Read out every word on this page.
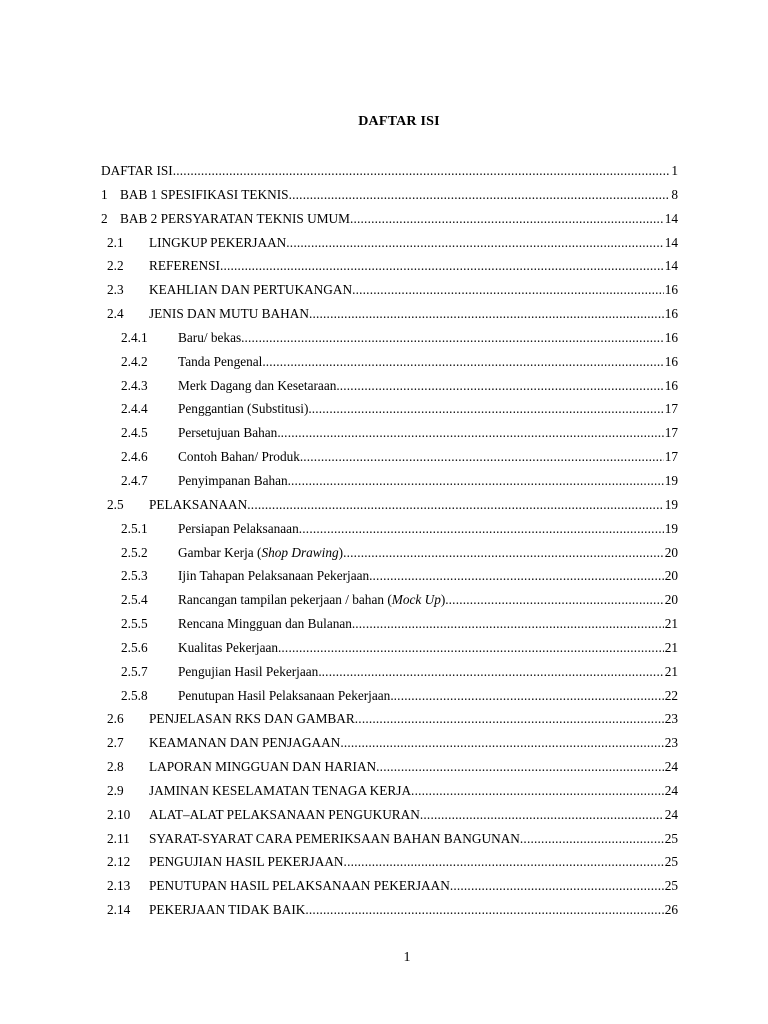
DAFTAR ISI
DAFTAR ISI .....	1
1 BAB 1 SPESIFIKASI TEKNIS .....	8
2 BAB 2 PERSYARATAN TEKNIS UMUM .....	14
2.1 LINGKUP PEKERJAAN .....	14
2.2 REFERENSI .....	14
2.3 KEAHLIAN DAN PERTUKANGAN .....	16
2.4 JENIS DAN MUTU BAHAN .....	16
2.4.1 Baru/ bekas. .....	16
2.4.2 Tanda Pengenal. .....	16
2.4.3 Merk Dagang dan Kesetaraan. .....	16
2.4.4 Penggantian (Substitusi). .....	17
2.4.5 Persetujuan Bahan. .....	17
2.4.6 Contoh Bahan/ Produk. .....	17
2.4.7 Penyimpanan Bahan. .....	19
2.5 PELAKSANAAN .....	19
2.5.1 Persiapan Pelaksanaan .....	19
2.5.2 Gambar Kerja (Shop Drawing) .....	20
2.5.3 Ijin Tahapan Pelaksanaan Pekerjaan. .....	20
2.5.4 Rancangan tampilan pekerjaan / bahan (Mock Up). .....	20
2.5.5 Rencana Mingguan dan Bulanan. .....	21
2.5.6 Kualitas Pekerjaan. .....	21
2.5.7 Pengujian Hasil Pekerjaan. .....	21
2.5.8 Penutupan Hasil Pelaksanaan Pekerjaan. .....	22
2.6 PENJELASAN RKS DAN GAMBAR .....	23
2.7 KEAMANAN DAN PENJAGAAN .....	23
2.8 LAPORAN MINGGUAN DAN HARIAN .....	24
2.9 JAMINAN KESELAMATAN TENAGA KERJA .....	24
2.10 ALAT–ALAT PELAKSANAAN PENGUKURAN .....	24
2.11 SYARAT-SYARAT CARA PEMERIKSAAN BAHAN BANGUNAN .....	25
2.12 PENGUJIAN HASIL PEKERJAAN .....	25
2.13 PENUTUPAN HASIL PELAKSANAAN PEKERJAAN .....	25
2.14 PEKERJAAN TIDAK BAIK .....	26
1
